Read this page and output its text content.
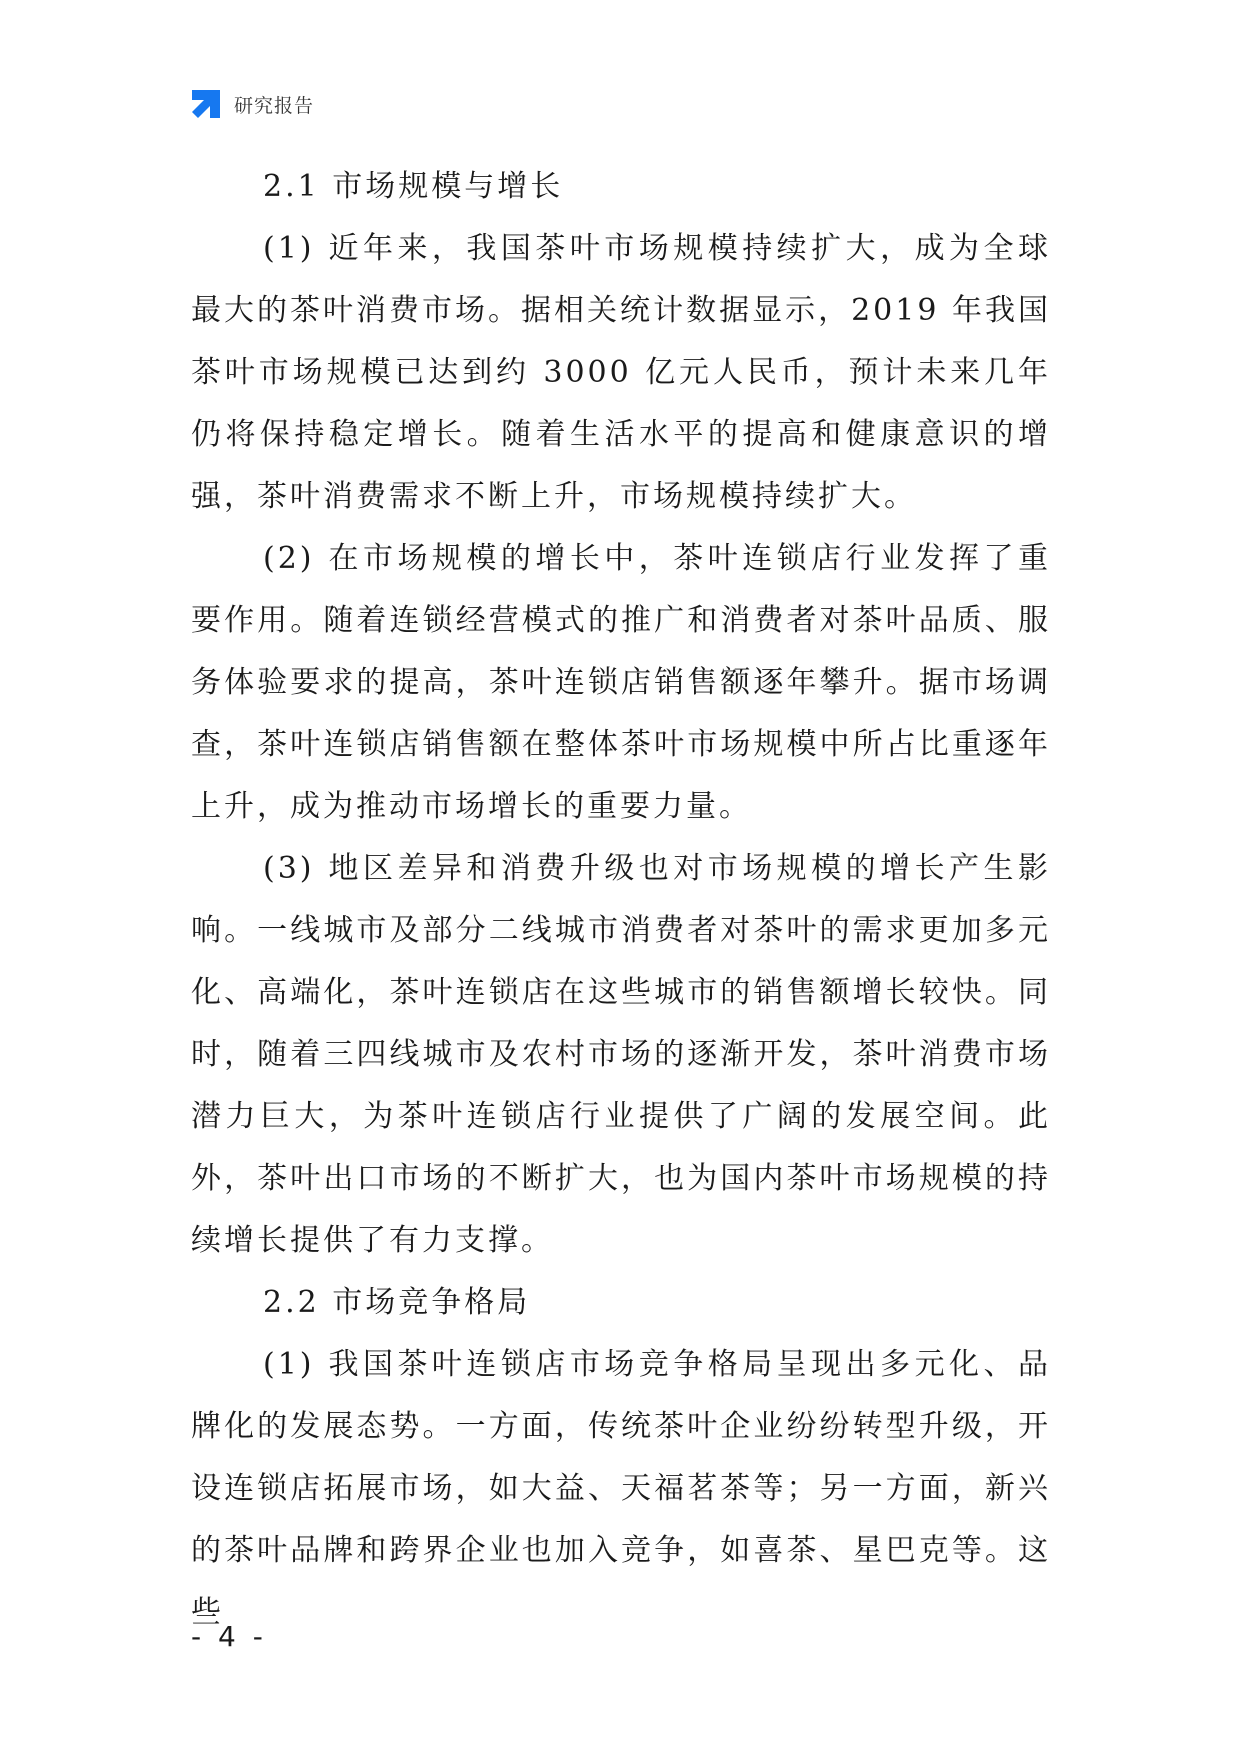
研究报告
2.1 市场规模与增长

(1) 近年来，我国茶叶市场规模持续扩大，成为全球最大的茶叶消费市场。据相关统计数据显示，2019 年我国茶叶市场规模已达到约 3000 亿元人民币，预计未来几年仍将保持稳定增长。随着生活水平的提高和健康意识的增强，茶叶消费需求不断上升，市场规模持续扩大。

(2) 在市场规模的增长中，茶叶连锁店行业发挥了重要作用。随着连锁经营模式的推广和消费者对茶叶品质、服务体验要求的提高，茶叶连锁店销售额逐年攀升。据市场调查，茶叶连锁店销售额在整体茶叶市场规模中所占比重逐年上升，成为推动市场增长的重要力量。

(3) 地区差异和消费升级也对市场规模的增长产生影响。一线城市及部分二线城市消费者对茶叶的需求更加多元化、高端化，茶叶连锁店在这些城市的销售额增长较快。同时，随着三四线城市及农村市场的逐渐开发，茶叶消费市场潜力巨大，为茶叶连锁店行业提供了广阔的发展空间。此外，茶叶出口市场的不断扩大，也为国内茶叶市场规模的持续增长提供了有力支撑。

2.2 市场竞争格局

(1) 我国茶叶连锁店市场竞争格局呈现出多元化、品牌化的发展态势。一方面，传统茶叶企业纷纷转型升级，开设连锁店拓展市场，如大益、天福茗茶等；另一方面，新兴的茶叶品牌和跨界企业也加入竞争，如喜茶、星巴克等。这些

- 4 -
